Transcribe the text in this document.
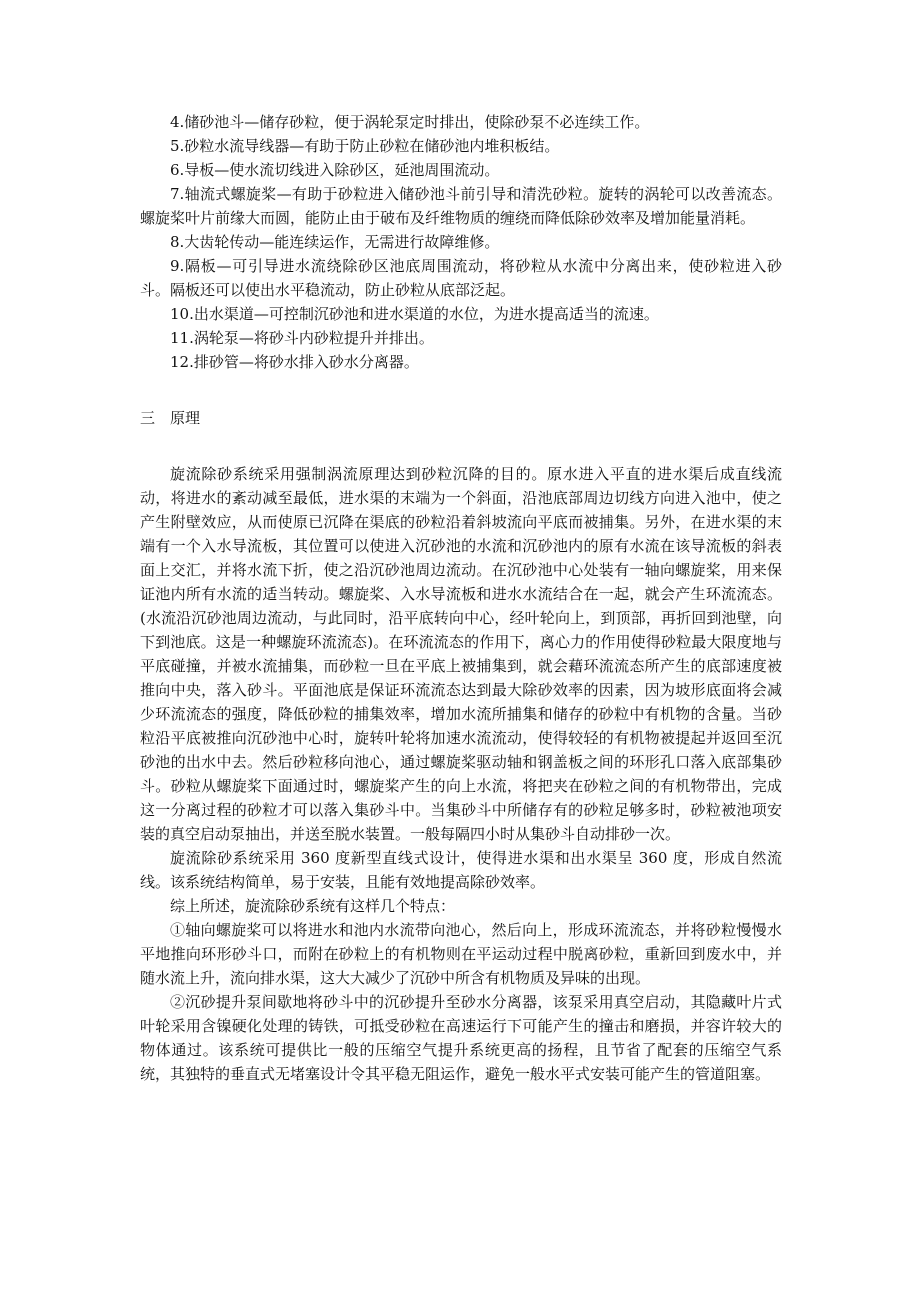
4.储砂池斗—储存砂粒，便于涡轮泵定时排出，使除砂泵不必连续工作。

5.砂粒水流导线器—有助于防止砂粒在储砂池内堆积板结。

6.导板—使水流切线进入除砂区，延池周围流动。

7.轴流式螺旋桨—有助于砂粒进入储砂池斗前引导和清洗砂粒。旋转的涡轮可以改善流态。螺旋桨叶片前缘大而圆，能防止由于破布及纤维物质的缠绕而降低除砂效率及增加能量消耗。

8.大齿轮传动—能连续运作，无需进行故障维修。

9.隔板—可引导进水流绕除砂区池底周围流动，将砂粒从水流中分离出来，使砂粒进入砂斗。隔板还可以使出水平稳流动，防止砂粒从底部泛起。

10.出水渠道—可控制沉砂池和进水渠道的水位，为进水提高适当的流速。

11.涡轮泵—将砂斗内砂粒提升并排出。

12.排砂管—将砂水排入砂水分离器。

三　原理

旋流除砂系统采用强制涡流原理达到砂粒沉降的目的。原水进入平直的进水渠后成直线流动，将进水的紊动减至最低，进水渠的末端为一个斜面，沿池底部周边切线方向进入池中，使之产生附壁效应，从而使原已沉降在渠底的砂粒沿着斜坡流向平底而被捕集。另外，在进水渠的末端有一个入水导流板，其位置可以使进入沉砂池的水流和沉砂池内的原有水流在该导流板的斜表面上交汇，并将水流下折，使之沿沉砂池周边流动。在沉砂池中心处装有一轴向螺旋桨，用来保证池内所有水流的适当转动。螺旋桨、入水导流板和进水水流结合在一起，就会产生环流流态。(水流沿沉砂池周边流动，与此同时，沿平底转向中心，经叶轮向上，到顶部，再折回到池壁，向下到池底。这是一种螺旋环流流态)。在环流流态的作用下，离心力的作用使得砂粒最大限度地与平底碰撞，并被水流捕集，而砂粒一旦在平底上被捕集到，就会藉环流流态所产生的底部速度被推向中央，落入砂斗。平面池底是保证环流流态达到最大除砂效率的因素，因为坡形底面将会减少环流流态的强度，降低砂粒的捕集效率，增加水流所捕集和储存的砂粒中有机物的含量。当砂粒沿平底被推向沉砂池中心时，旋转叶轮将加速水流流动，使得较轻的有机物被提起并返回至沉砂池的出水中去。然后砂粒移向池心，通过螺旋桨驱动轴和钢盖板之间的环形孔口落入底部集砂斗。砂粒从螺旋桨下面通过时，螺旋桨产生的向上水流，将把夹在砂粒之间的有机物带出，完成这一分离过程的砂粒才可以落入集砂斗中。当集砂斗中所储存有的砂粒足够多时，砂粒被池项安装的真空启动泵抽出，并送至脱水装置。一般每隔四小时从集砂斗自动排砂一次。

旋流除砂系统采用 360 度新型直线式设计，使得进水渠和出水渠呈 360 度，形成自然流线。该系统结构简单，易于安装，且能有效地提高除砂效率。

综上所述，旋流除砂系统有这样几个特点：

①轴向螺旋桨可以将进水和池内水流带向池心，然后向上，形成环流流态，并将砂粒慢慢水平地推向环形砂斗口，而附在砂粒上的有机物则在平运动过程中脱离砂粒，重新回到废水中，并随水流上升，流向排水渠，这大大减少了沉砂中所含有机物质及异味的出现。

②沉砂提升泵间歇地将砂斗中的沉砂提升至砂水分离器，该泵采用真空启动，其隐藏叶片式叶轮采用含镍硬化处理的铸铁，可抵受砂粒在高速运行下可能产生的撞击和磨损，并容许较大的物体通过。该系统可提供比一般的压缩空气提升系统更高的扬程，且节省了配套的压缩空气系统，其独特的垂直式无堵塞设计令其平稳无阻运作，避免一般水平式安装可能产生的管道阻塞。
